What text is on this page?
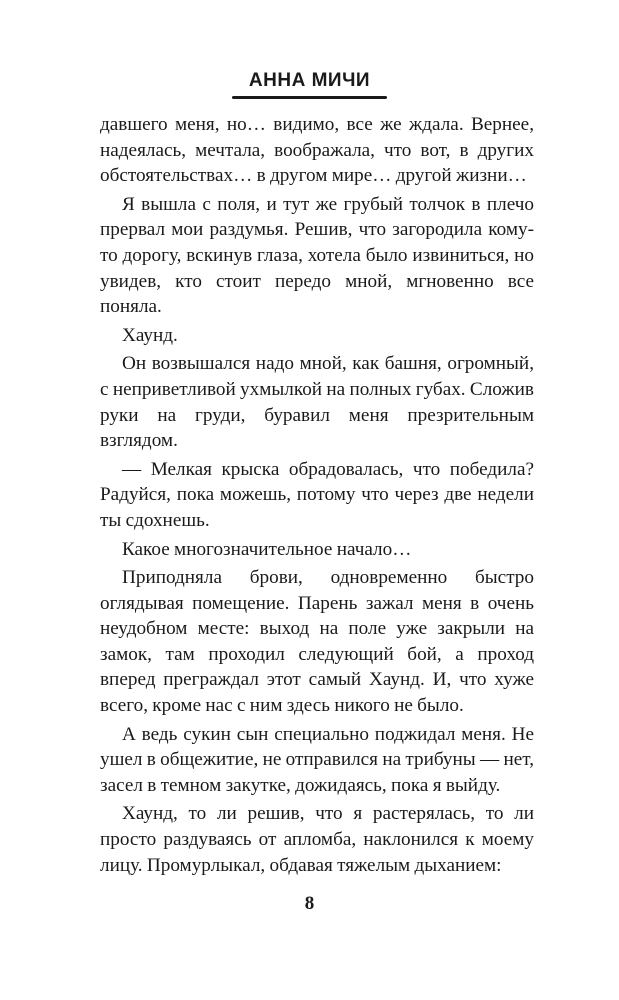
АННА МИЧИ

давшего меня, но… видимо, все же ждала. Вернее, надеялась, мечтала, воображала, что вот, в других обстоятельствах… в другом мире… другой жизни…

Я вышла с поля, и тут же грубый толчок в плечо прервал мои раздумья. Решив, что загородила кому-то дорогу, вскинув глаза, хотела было извиниться, но увидев, кто стоит передо мной, мгновенно все поняла.

Хаунд.

Он возвышался надо мной, как башня, огромный, с неприветливой ухмылкой на полных губах. Сложив руки на груди, буравил меня презрительным взглядом.

— Мелкая крыска обрадовалась, что победила? Радуйся, пока можешь, потому что через две недели ты сдохнешь.

Какое многозначительное начало…

Приподняла брови, одновременно быстро оглядывая помещение. Парень зажал меня в очень неудобном месте: выход на поле уже закрыли на замок, там проходил следующий бой, а проход вперед преграждал этот самый Хаунд. И, что хуже всего, кроме нас с ним здесь никого не было.

А ведь сукин сын специально поджидал меня. Не ушел в общежитие, не отправился на трибуны — нет, засел в темном закутке, дожидаясь, пока я выйду.

Хаунд, то ли решив, что я растерялась, то ли просто раздуваясь от апломба, наклонился к моему лицу. Промурлыкал, обдавая тяжелым дыханием:

8
